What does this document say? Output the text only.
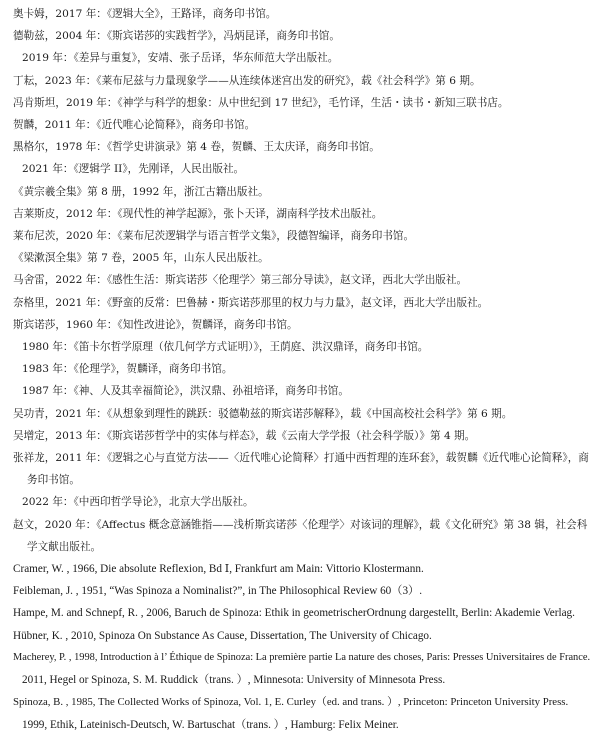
奥卡姆，2017 年：《逻辑大全》，王路译，商务印书馆。
德勒兹，2004 年：《斯宾诺莎的实践哲学》，冯炳昆译，商务印书馆。
2019 年：《差异与重复》，安靖、张子岳译，华东师范大学出版社。
丁耘，2023 年：《莱布尼兹与力量现象学——从连续体迷宫出发的研究》，载《社会科学》第 6 期。
冯肯斯坦，2019 年：《神学与科学的想象：从中世纪到 17 世纪》，毛竹译，生活・读书・新知三联书店。
贺麟，2011 年：《近代唯心论简释》，商务印书馆。
黑格尔，1978 年：《哲学史讲演录》第 4 卷，贺麟、王太庆译，商务印书馆。
2021 年：《逻辑学 II》，先刚译，人民出版社。
《黄宗羲全集》第 8 册，1992 年，浙江古籍出版社。
吉莱斯皮，2012 年：《现代性的神学起源》，张卜天译，湖南科学技术出版社。
莱布尼茨，2020 年：《莱布尼茨逻辑学与语言哲学文集》，段德智编译，商务印书馆。
《梁漱溟全集》第 7 卷，2005 年，山东人民出版社。
马舍雷，2022 年：《感性生活：斯宾诺莎〈伦理学〉第三部分导读》，赵文译，西北大学出版社。
奈格里，2021 年：《野蛮的反常：巴鲁赫・斯宾诺莎那里的权力与力量》，赵文译，西北大学出版社。
斯宾诺莎，1960 年：《知性改进论》，贺麟译，商务印书馆。
1980 年：《笛卡尔哲学原理（依几何学方式证明）》，王荫庭、洪汉鼎译，商务印书馆。
1983 年：《伦理学》，贺麟译，商务印书馆。
1987 年：《神、人及其幸福简论》，洪汉鼎、孙祖培译，商务印书馆。
吴功青，2021 年：《从想象到理性的跳跃：驳德勒兹的斯宾诺莎解释》，载《中国高校社会科学》第 6 期。
吴增定，2013 年：《斯宾诺莎哲学中的实体与样态》，载《云南大学学报（社会科学版）》第 4 期。
张祥龙，2011 年：《逻辑之心与直觉方法——〈近代唯心论简释〉打通中西哲理的连环套》，载贺麟《近代唯心论简释》，商务印书馆。
2022 年：《中西印哲学导论》，北京大学出版社。
赵文，2020 年：《Affectus 概念意涵锥指——浅析斯宾诺莎〈伦理学〉对该词的理解》，载《文化研究》第 38 辑，社会科学文献出版社。
Cramer, W. , 1966, Die absolute Reflexion, Bd Ⅰ, Frankfurt am Main: Vittorio Klostermann.
Feibleman, J. , 1951, “Was Spinoza a Nominalist?”, in The Philosophical Review 60（3）.
Hampe, M. and Schnepf, R. , 2006, Baruch de Spinoza: Ethik in geometrischerOrdnung dargestellt, Berlin: Akademie Verlag.
Hübner, K. , 2010, Spinoza On Substance As Cause, Dissertation, The University of Chicago.
Macherey, P. , 1998, Introduction à l’ Éthique de Spinoza: La première partie La nature des choses, Paris: Presses Universitaires de France.
2011, Hegel or Spinoza, S. M. Ruddick（trans. ）, Minnesota: University of Minnesota Press.
Spinoza, B. , 1985, The Collected Works of Spinoza, Vol. 1, E. Curley（ed. and trans. ）, Princeton: Princeton University Press.
1999, Ethik, Lateinisch-Deutsch, W. Bartuschat（trans. ）, Hamburg: Felix Meiner.
